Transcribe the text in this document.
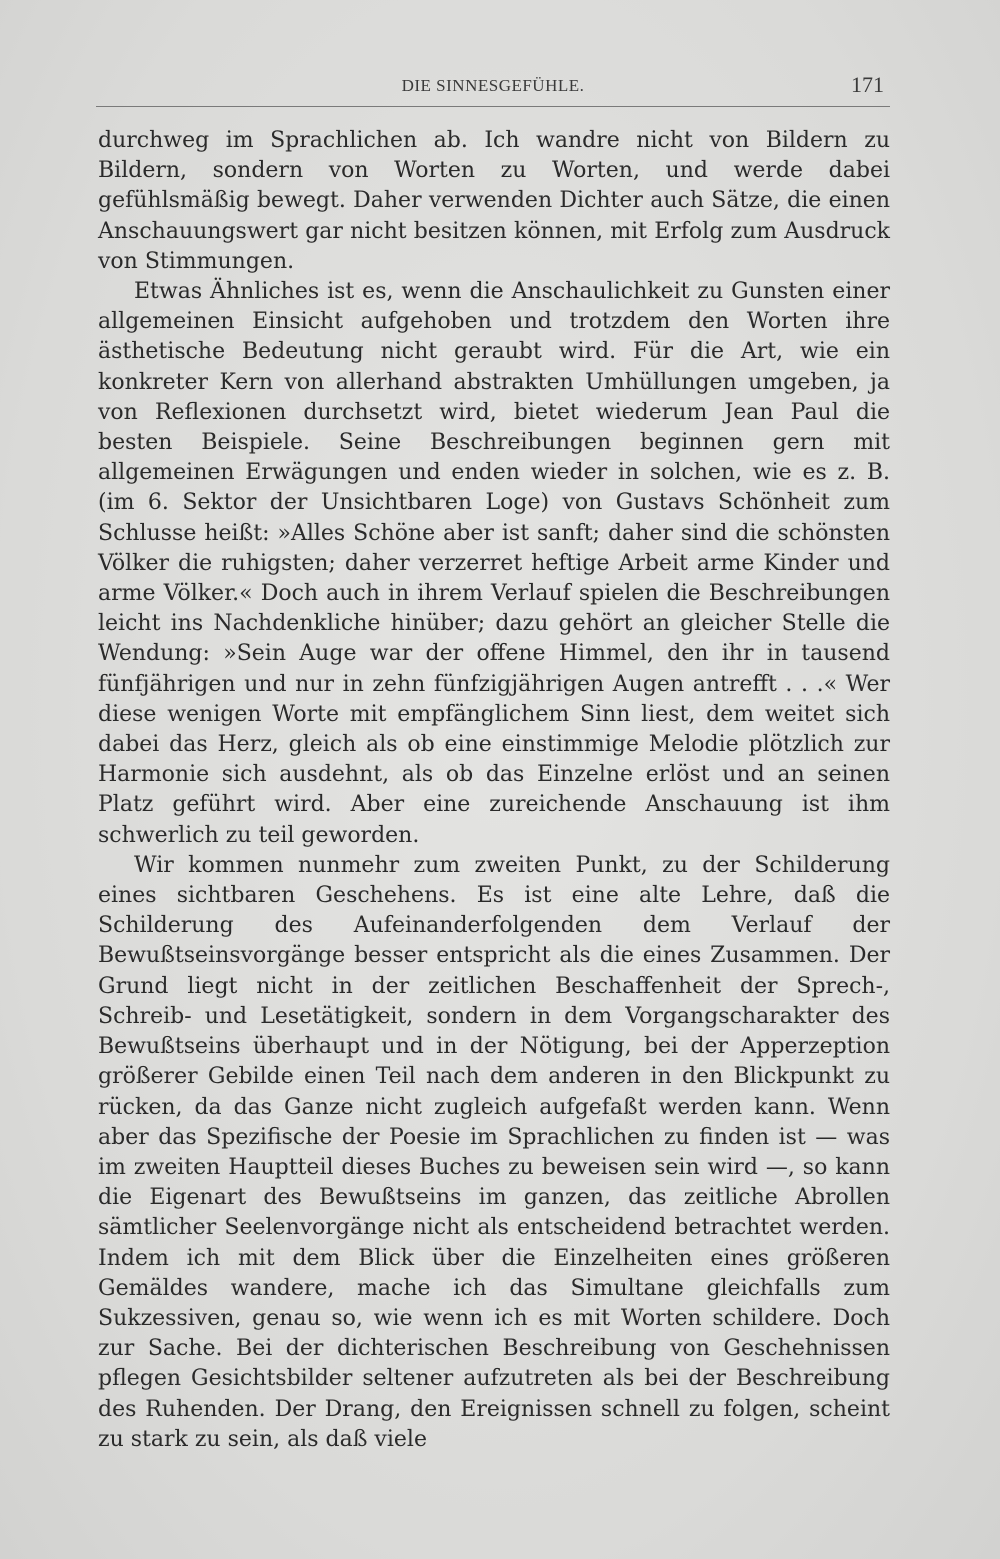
DIE SINNESGEFÜHLE.	171

durchweg im Sprachlichen ab. Ich wandre nicht von Bildern zu Bildern, sondern von Worten zu Worten, und werde dabei gefühlsmäßig bewegt. Daher verwenden Dichter auch Sätze, die einen Anschauungswert gar nicht besitzen können, mit Erfolg zum Ausdruck von Stimmungen.

Etwas Ähnliches ist es, wenn die Anschaulichkeit zu Gunsten einer allgemeinen Einsicht aufgehoben und trotzdem den Worten ihre ästhetische Bedeutung nicht geraubt wird. Für die Art, wie ein konkreter Kern von allerhand abstrakten Umhüllungen umgeben, ja von Reflexionen durchsetzt wird, bietet wiederum Jean Paul die besten Beispiele. Seine Beschreibungen beginnen gern mit allgemeinen Erwägungen und enden wieder in solchen, wie es z. B. (im 6. Sektor der Unsichtbaren Loge) von Gustavs Schönheit zum Schlusse heißt: »Alles Schöne aber ist sanft; daher sind die schönsten Völker die ruhigsten; daher verzerret heftige Arbeit arme Kinder und arme Völker.« Doch auch in ihrem Verlauf spielen die Beschreibungen leicht ins Nachdenkliche hinüber; dazu gehört an gleicher Stelle die Wendung: »Sein Auge war der offene Himmel, den ihr in tausend fünfjährigen und nur in zehn fünfzigjährigen Augen antrefft . . .« Wer diese wenigen Worte mit empfänglichem Sinn liest, dem weitet sich dabei das Herz, gleich als ob eine einstimmige Melodie plötzlich zur Harmonie sich ausdehnt, als ob das Einzelne erlöst und an seinen Platz geführt wird. Aber eine zureichende Anschauung ist ihm schwerlich zu teil geworden.

Wir kommen nunmehr zum zweiten Punkt, zu der Schilderung eines sichtbaren Geschehens. Es ist eine alte Lehre, daß die Schilderung des Aufeinanderfolgenden dem Verlauf der Bewußtseinsvorgänge besser entspricht als die eines Zusammen. Der Grund liegt nicht in der zeitlichen Beschaffenheit der Sprech-, Schreib- und Lesetätigkeit, sondern in dem Vorgangscharakter des Bewußtseins überhaupt und in der Nötigung, bei der Apperzeption größerer Gebilde einen Teil nach dem anderen in den Blickpunkt zu rücken, da das Ganze nicht zugleich aufgefaßt werden kann. Wenn aber das Spezifische der Poesie im Sprachlichen zu finden ist — was im zweiten Hauptteil dieses Buches zu beweisen sein wird —, so kann die Eigenart des Bewußtseins im ganzen, das zeitliche Abrollen sämtlicher Seelenvorgänge nicht als entscheidend betrachtet werden. Indem ich mit dem Blick über die Einzelheiten eines größeren Gemäldes wandere, mache ich das Simultane gleichfalls zum Sukzessiven, genau so, wie wenn ich es mit Worten schildere. Doch zur Sache. Bei der dichterischen Beschreibung von Geschehnissen pflegen Gesichtsbilder seltener aufzutreten als bei der Beschreibung des Ruhenden. Der Drang, den Ereignissen schnell zu folgen, scheint zu stark zu sein, als daß viele
